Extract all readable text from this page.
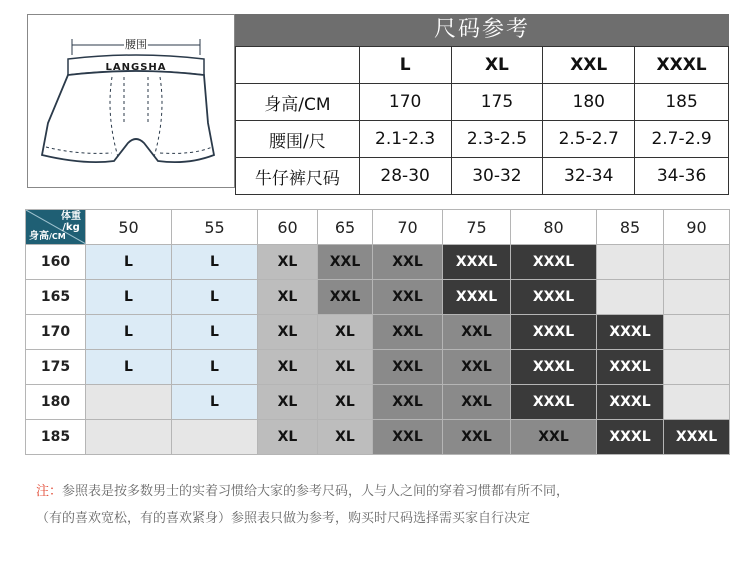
腰围
LANGSHA
尺码参考
	L	XL	XXL	XXXL
身高/CM	170	175	180	185
腰围/尺	2.1-2.3	2.3-2.5	2.5-2.7	2.7-2.9
牛仔裤尺码	28-30	30-32	32-34	34-36
体重
/kg
身高/CM	50	55	60	65	70	75	80	85	90
160	L	L	XL	XXL	XXL	XXXL	XXXL		
165	L	L	XL	XXL	XXL	XXXL	XXXL		
170	L	L	XL	XL	XXL	XXL	XXXL	XXXL	
175	L	L	XL	XL	XXL	XXL	XXXL	XXXL	
180		L	XL	XL	XXL	XXL	XXXL	XXXL	
185			XL	XL	XXL	XXL	XXL	XXXL	XXXL
注：参照表是按多数男士的实着习惯给大家的参考尺码，人与人之间的穿着习惯都有所不同，
（有的喜欢宽松，有的喜欢紧身）参照表只做为参考，购买时尺码选择需买家自行决定
